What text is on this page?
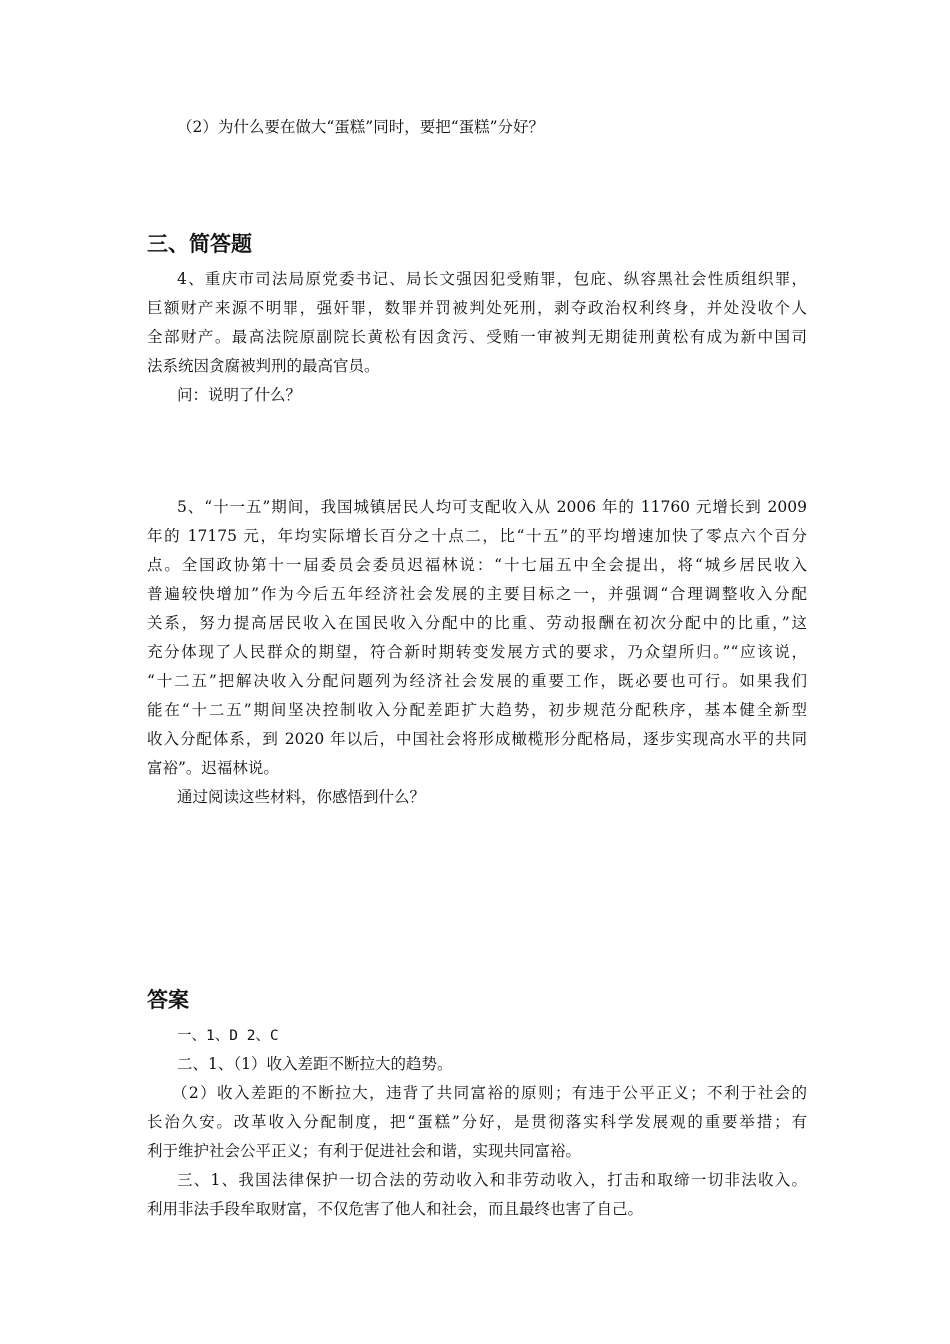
（2）为什么要在做大“蛋糕”同时，要把“蛋糕”分好？

三、简答题

4、重庆市司法局原党委书记、局长文强因犯受贿罪，包庇、纵容黑社会性质组织罪，

巨额财产来源不明罪，强奸罪，数罪并罚被判处死刑，剥夺政治权利终身，并处没收个人

全部财产。最高法院原副院长黄松有因贪污、受贿一审被判无期徒刑黄松有成为新中国司

法系统因贪腐被判刑的最高官员。

问：说明了什么？

5、“十一五”期间，我国城镇居民人均可支配收入从 2006 年的 11760 元增长到 2009

年的 17175 元，年均实际增长百分之十点二，比“十五”的平均增速加快了零点六个百分

点。全国政协第十一届委员会委员迟福林说：“十七届五中全会提出，将“城乡居民收入

普遍较快增加”作为今后五年经济社会发展的主要目标之一，并强调“合理调整收入分配

关系，努力提高居民收入在国民收入分配中的比重、劳动报酬在初次分配中的比重，”这

充分体现了人民群众的期望，符合新时期转变发展方式的要求，乃众望所归。”“应该说，

“十二五”把解决收入分配问题列为经济社会发展的重要工作，既必要也可行。如果我们

能在“十二五”期间坚决控制收入分配差距扩大趋势，初步规范分配秩序，基本健全新型

收入分配体系，到 2020 年以后，中国社会将形成橄榄形分配格局，逐步实现高水平的共同

富裕”。迟福林说。

通过阅读这些材料，你感悟到什么？

答案

一、1、D 2、C

二、1、（1）收入差距不断拉大的趋势。

（2）收入差距的不断拉大，违背了共同富裕的原则；有违于公平正义；不利于社会的

长治久安。改革收入分配制度，把“蛋糕”分好，是贯彻落实科学发展观的重要举措；有

利于维护社会公平正义；有利于促进社会和谐，实现共同富裕。

三、1、我国法律保护一切合法的劳动收入和非劳动收入，打击和取缔一切非法收入。

利用非法手段牟取财富，不仅危害了他人和社会，而且最终也害了自己。
